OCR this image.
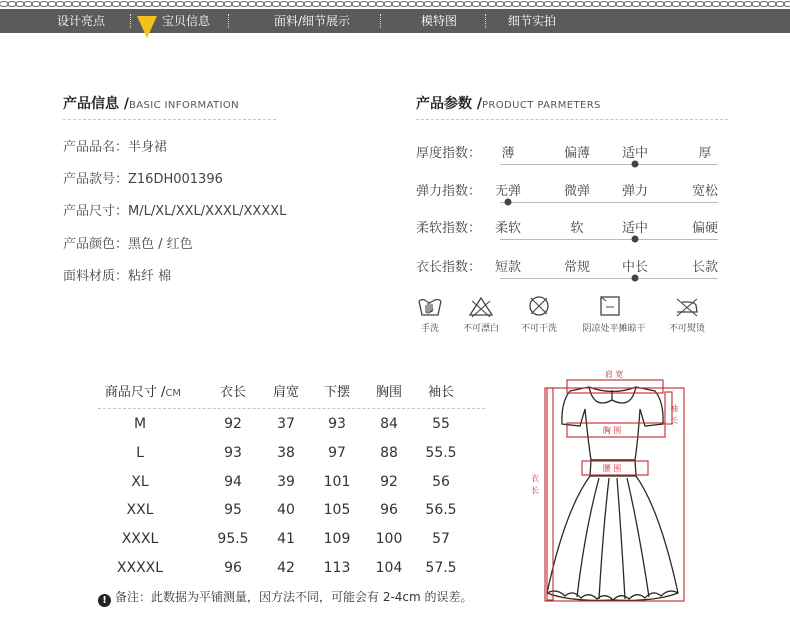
设计亮点	宝贝信息	面料/细节展示	模特图	细节实拍
产品信息 /BASIC INFORMATION
产品品名：半身裙
产品款号：Z16DH001396
产品尺寸：M/L/XL/XXL/XXXL/XXXXL
产品颜色：黑色 / 红色
面料材质：粘纤 棉
产品参数 /PRODUCT PARMETERS
厚度指数： 薄	偏薄 适中	厚
弹力指数： 无弹	微弹 弹力	宽松
柔软指数： 柔软	软	适中	偏硬
衣长指数： 短款	常规 中长	长款
手洗	不可漂白 不可干洗	阴凉处平摊晾干	不可熨烫
商品尺寸 /CM	衣长 肩宽 下摆 胸围 袖长
M	92	37 93 84 55
L	93	38 97 88 55.5
XL	94	39 101 92 56
XXL	95	40 105 96 56.5
XXXL	95.5 41 109 100 57
XXXXL	96	42 113 104 57.5
! 备注：此数据为平铺测量，因方法不同，可能会有 2-4cm 的误差。
肩 宽
胸 围
腰 围
袖
长
衣
长
